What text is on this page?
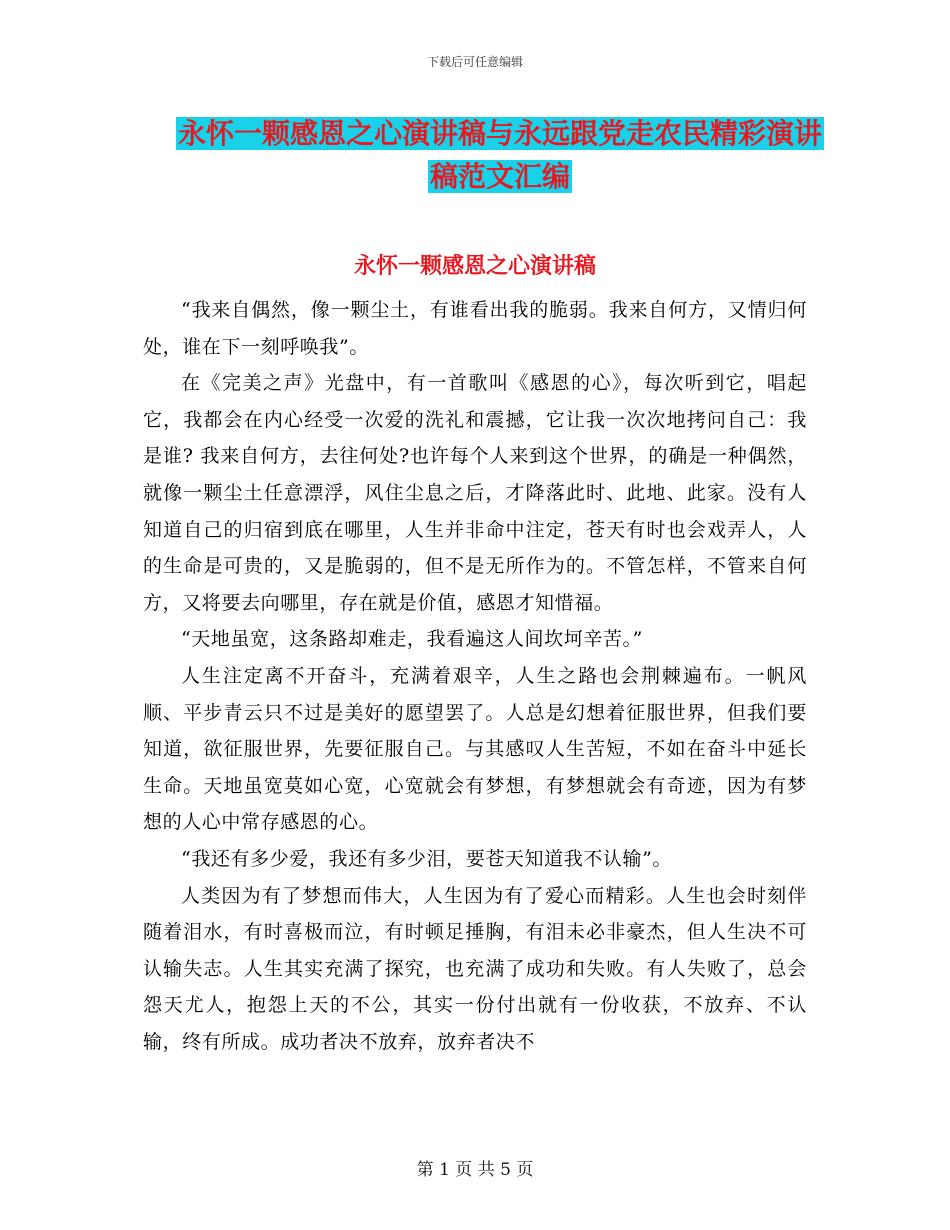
下载后可任意编辑
永怀一颗感恩之心演讲稿与永远跟党走农民精彩演讲
稿范文汇编
永怀一颗感恩之心演讲稿

“我来自偶然，像一颗尘土，有谁看出我的脆弱。我来自何方，又情归何处，谁在下一刻呼唤我”。

在《完美之声》光盘中，有一首歌叫《感恩的心》，每次听到它，唱起它，我都会在内心经受一次爱的洗礼和震撼，它让我一次次地拷问自己：我是谁? 我来自何方，去往何处?也许每个人来到这个世界，的确是一种偶然，就像一颗尘土任意漂浮，风住尘息之后，才降落此时、此地、此家。没有人知道自己的归宿到底在哪里，人生并非命中注定，苍天有时也会戏弄人，人的生命是可贵的，又是脆弱的，但不是无所作为的。不管怎样，不管来自何方，又将要去向哪里，存在就是价值，感恩才知惜福。

“天地虽宽，这条路却难走，我看遍这人间坎坷辛苦。”

人生注定离不开奋斗，充满着艰辛，人生之路也会荆棘遍布。一帆风顺、平步青云只不过是美好的愿望罢了。人总是幻想着征服世界，但我们要知道，欲征服世界，先要征服自己。与其感叹人生苦短，不如在奋斗中延长生命。天地虽宽莫如心宽，心宽就会有梦想，有梦想就会有奇迹，因为有梦想的人心中常存感恩的心。

“我还有多少爱，我还有多少泪，要苍天知道我不认输”。

人类因为有了梦想而伟大，人生因为有了爱心而精彩。人生也会时刻伴随着泪水，有时喜极而泣，有时顿足捶胸，有泪未必非豪杰，但人生决不可认输失志。人生其实充满了探究，也充满了成功和失败。有人失败了，总会怨天尤人，抱怨上天的不公，其实一份付出就有一份收获，不放弃、不认输，终有所成。成功者决不放弃，放弃者决不

第 1 页 共 5 页
